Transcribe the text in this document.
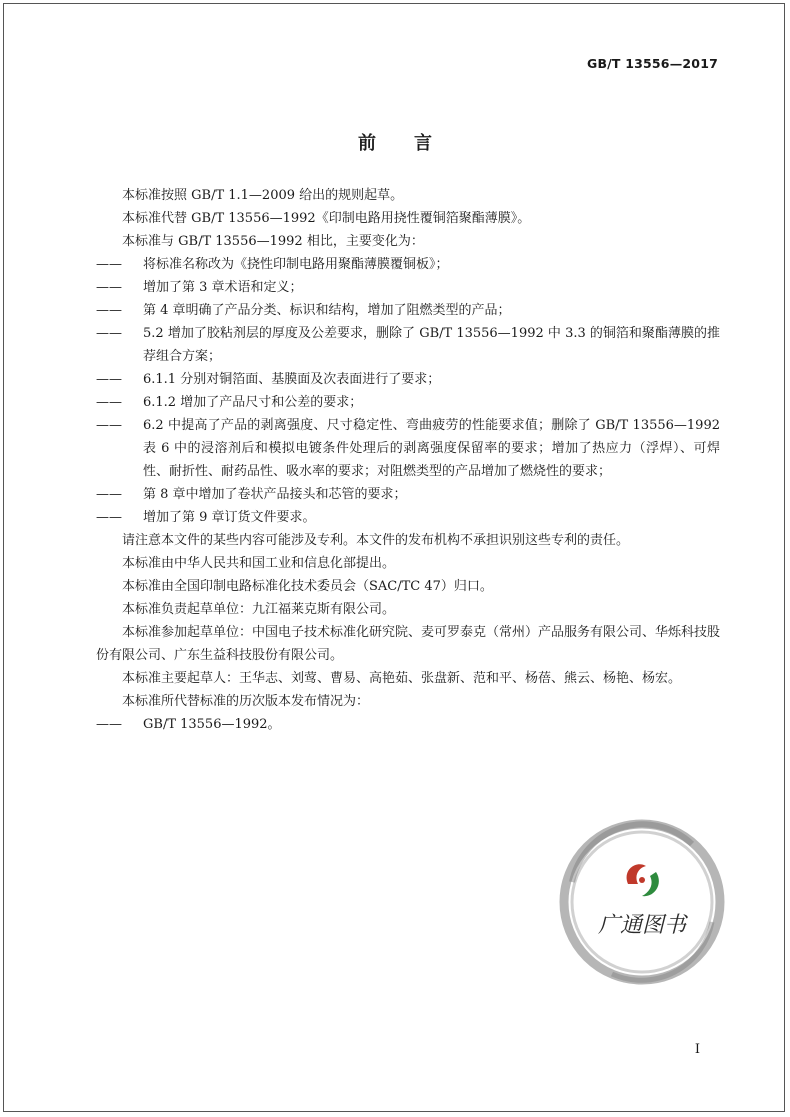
GB/T 13556—2017
前 言
本标准按照 GB/T 1.1—2009 给出的规则起草。
本标准代替 GB/T 13556—1992《印制电路用挠性覆铜箔聚酯薄膜》。
本标准与 GB/T 13556—1992 相比，主要变化为：
—— 将标准名称改为《挠性印制电路用聚酯薄膜覆铜板》；
—— 增加了第 3 章术语和定义；
—— 第 4 章明确了产品分类、标识和结构，增加了阻燃类型的产品；
—— 5.2 增加了胶粘剂层的厚度及公差要求，删除了 GB/T 13556—1992 中 3.3 的铜箔和聚酯薄膜的推荐组合方案；
—— 6.1.1 分别对铜箔面、基膜面及次表面进行了要求；
—— 6.1.2 增加了产品尺寸和公差的要求；
—— 6.2 中提高了产品的剥离强度、尺寸稳定性、弯曲疲劳的性能要求值；删除了 GB/T 13556—1992 表 6 中的浸溶剂后和模拟电镀条件处理后的剥离强度保留率的要求；增加了热应力（浮焊）、可焊性、耐折性、耐药品性、吸水率的要求；对阻燃类型的产品增加了燃烧性的要求；
—— 第 8 章中增加了卷状产品接头和芯管的要求；
—— 增加了第 9 章订货文件要求。
请注意本文件的某些内容可能涉及专利。本文件的发布机构不承担识别这些专利的责任。
本标准由中华人民共和国工业和信息化部提出。
本标准由全国印制电路标准化技术委员会（SAC/TC 47）归口。
本标准负责起草单位：九江福莱克斯有限公司。
本标准参加起草单位：中国电子技术标准化研究院、麦可罗泰克（常州）产品服务有限公司、华烁科技股份有限公司、广东生益科技股份有限公司。
本标准主要起草人：王华志、刘莺、曹易、高艳茹、张盘新、范和平、杨蓓、熊云、杨艳、杨宏。
本标准所代替标准的历次版本发布情况为：
—— GB/T 13556—1992。
广通图书
I
